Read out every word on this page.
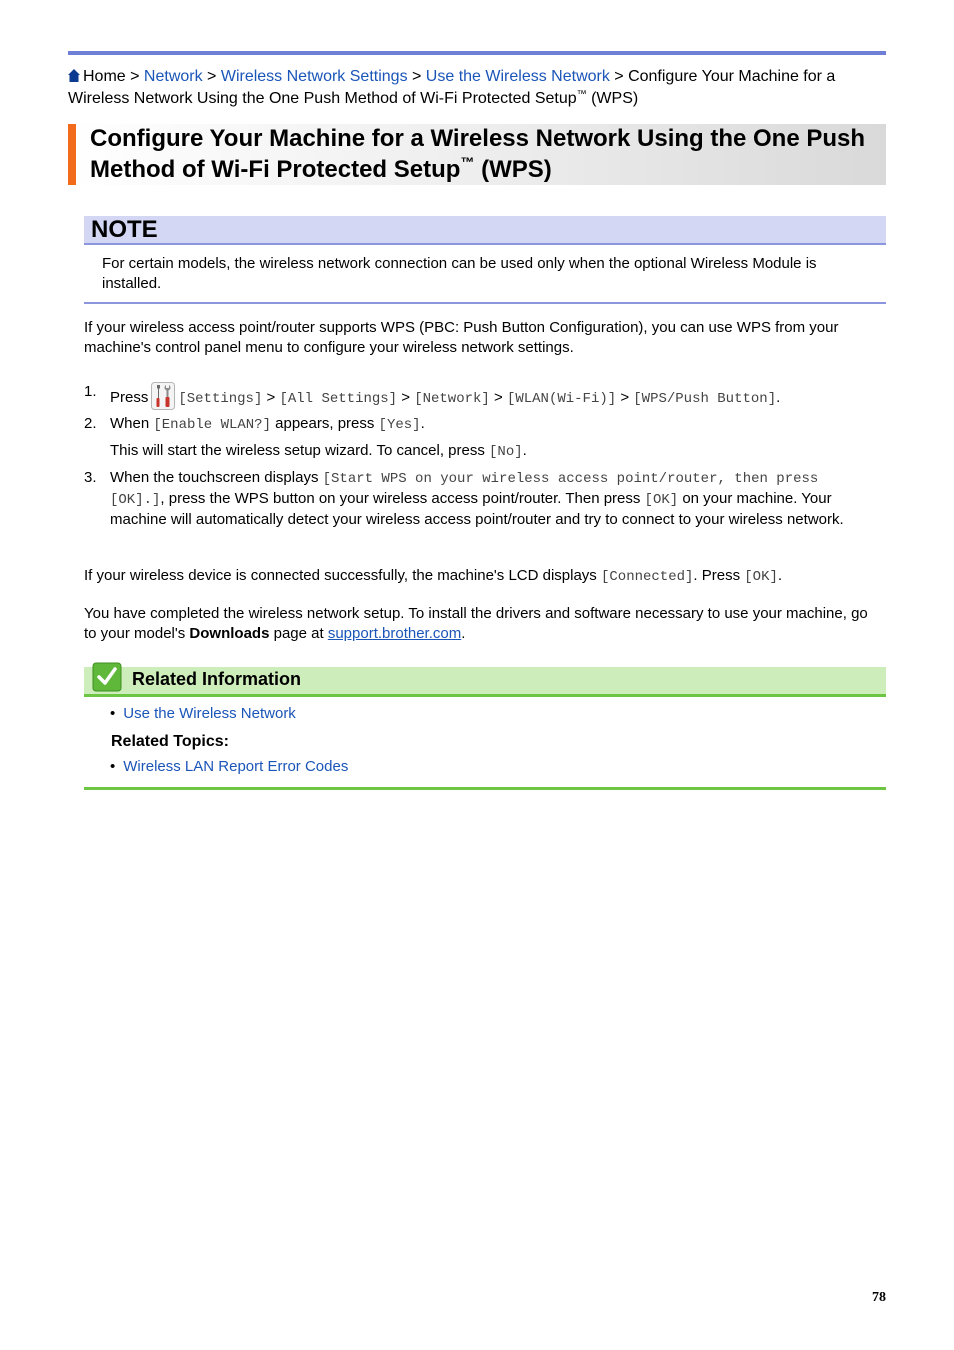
Home > Network > Wireless Network Settings > Use the Wireless Network > Configure Your Machine for a Wireless Network Using the One Push Method of Wi-Fi Protected Setup™ (WPS)
Configure Your Machine for a Wireless Network Using the One Push Method of Wi-Fi Protected Setup™ (WPS)
NOTE
For certain models, the wireless network connection can be used only when the optional Wireless Module is installed.
If your wireless access point/router supports WPS (PBC: Push Button Configuration), you can use WPS from your machine's control panel menu to configure your wireless network settings.
1. Press [Settings] > [All Settings] > [Network] > [WLAN(Wi-Fi)] > [WPS/Push Button].
2. When [Enable WLAN?] appears, press [Yes].
This will start the wireless setup wizard. To cancel, press [No].
3. When the touchscreen displays [Start WPS on your wireless access point/router, then press [OK].], press the WPS button on your wireless access point/router. Then press [OK] on your machine. Your machine will automatically detect your wireless access point/router and try to connect to your wireless network.
If your wireless device is connected successfully, the machine's LCD displays [Connected]. Press [OK].
You have completed the wireless network setup. To install the drivers and software necessary to use your machine, go to your model's Downloads page at support.brother.com.
Related Information
• Use the Wireless Network
Related Topics:
• Wireless LAN Report Error Codes
78
